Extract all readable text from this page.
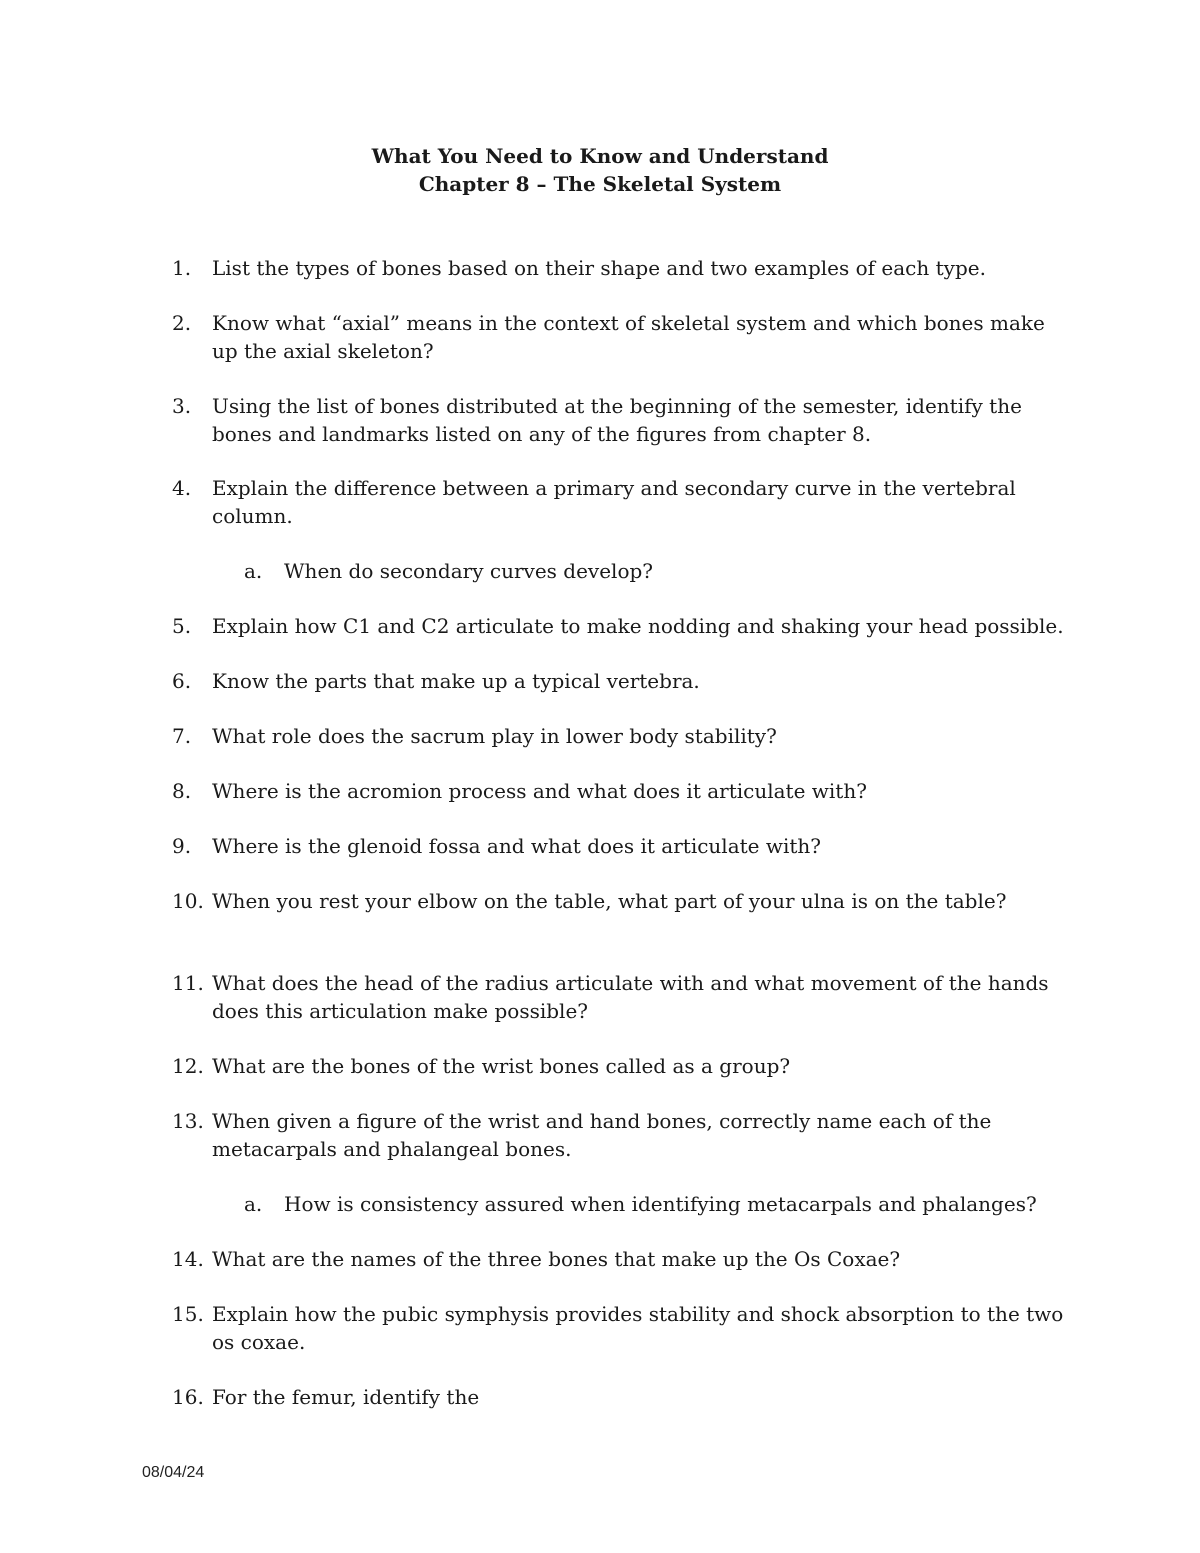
What You Need to Know and Understand
Chapter 8 – The Skeletal System
1. List the types of bones based on their shape and two examples of each type.
2. Know what “axial” means in the context of skeletal system and which bones make up the axial skeleton?
3. Using the list of bones distributed at the beginning of the semester, identify the bones and landmarks listed on any of the figures from chapter 8.
4. Explain the difference between a primary and secondary curve in the vertebral column.
a. When do secondary curves develop?
5. Explain how C1 and C2 articulate to make nodding and shaking your head possible.
6. Know the parts that make up a typical vertebra.
7. What role does the sacrum play in lower body stability?
8. Where is the acromion process and what does it articulate with?
9. Where is the glenoid fossa and what does it articulate with?
10. When you rest your elbow on the table, what part of your ulna is on the table?
11. What does the head of the radius articulate with and what movement of the hands does this articulation make possible?
12. What are the bones of the wrist bones called as a group?
13. When given a figure of the wrist and hand bones, correctly name each of the metacarpals and phalangeal bones.
a. How is consistency assured when identifying metacarpals and phalanges?
14. What are the names of the three bones that make up the Os Coxae?
15. Explain how the pubic symphysis provides stability and shock absorption to the two os coxae.
16. For the femur, identify the
08/04/24
